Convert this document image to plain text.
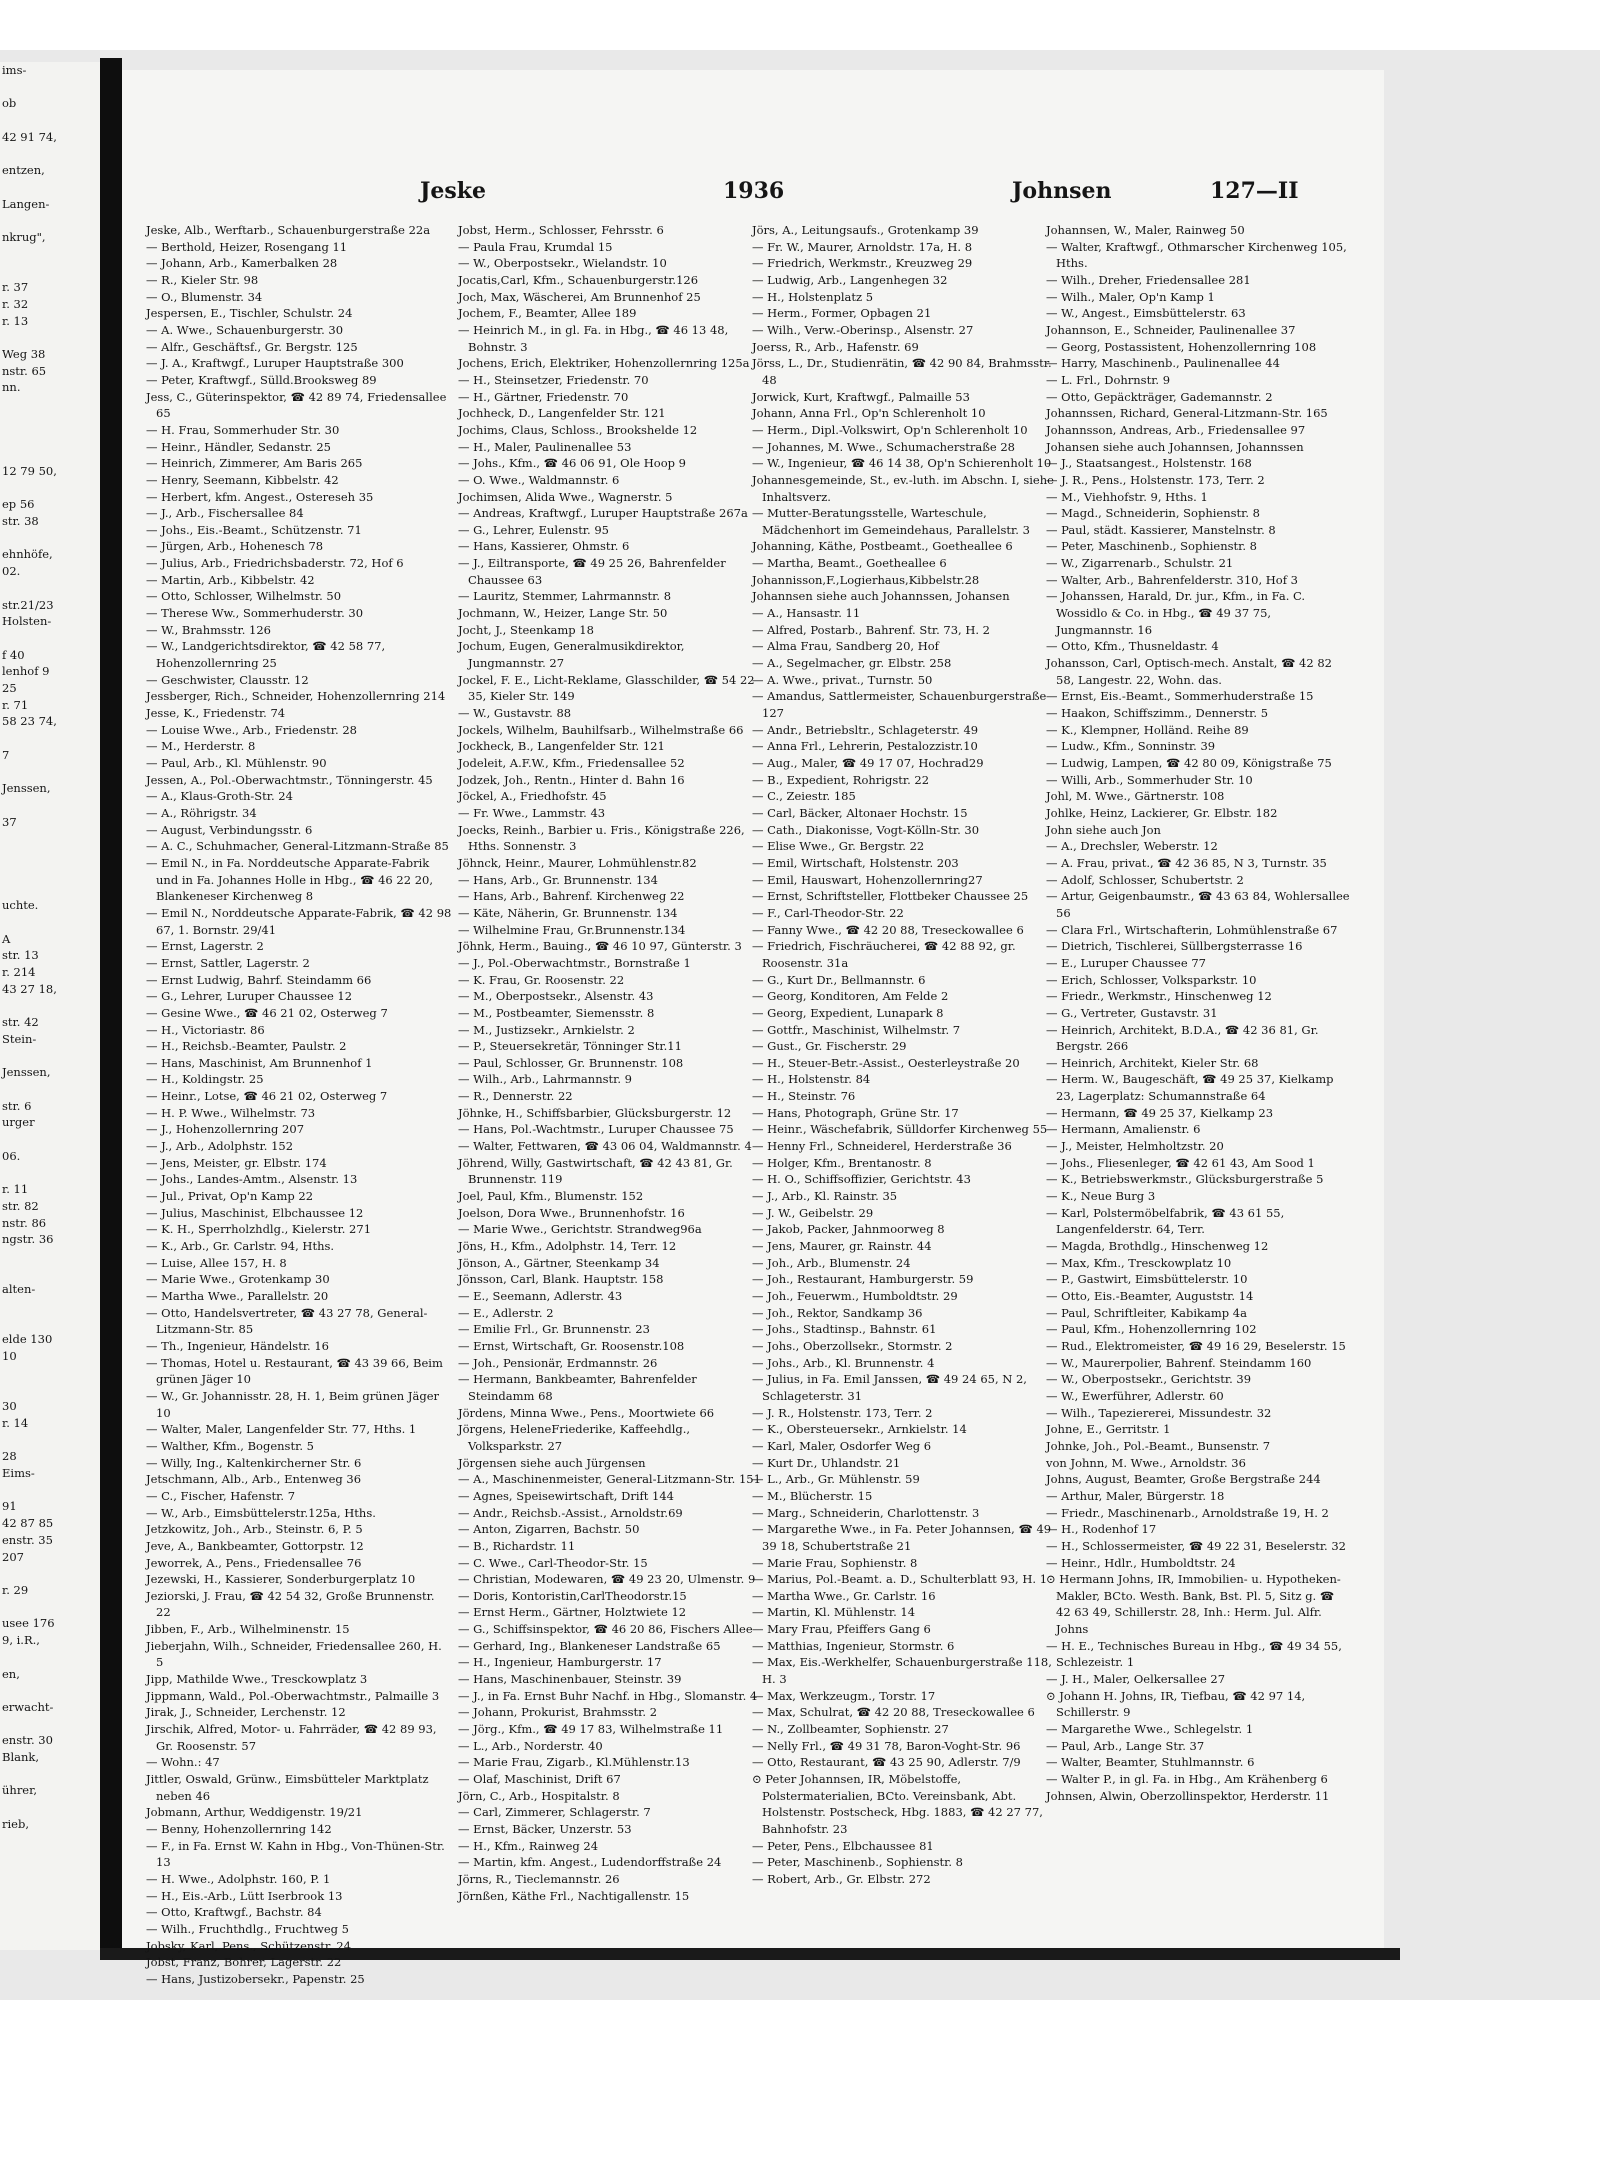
ims-

ob

42 91 74,

entzen,

Langen-

nkrug",

r. 37
r. 32
r. 13

Weg 38
nstr. 65
nn.

12 79 50,

ep 56
str. 38

ehnhöfe,
02.

str.21/23
Holsten-

f 40
lenhof 9
25
r. 71
58 23 74,

7

Jenssen,

37

uchte.

A
str. 13
r. 214
43 27 18,

str. 42
Stein-

Jenssen,

str. 6
urger

06.

r. 11
str. 82
nstr. 86
ngstr. 36

alten-

elde 130
10

30
r. 14

28
Eims-

91
42 87 85
enstr. 35
207

r. 29

usee 176
9, i.R.,

en,

erwacht-

enstr. 30
Blank,

ührer,

rieb,
Jeske	1936	Johnsen	127—II
Jeske, Alb., Werftarb., Schauenburgerstraße 22a
— Berthold, Heizer, Rosengang 11
— Johann, Arb., Kamerbalken 28
— R., Kieler Str. 98
— O., Blumenstr. 34
Jespersen, E., Tischler, Schulstr. 24
— A. Wwe., Schauenburgerstr. 30
— Alfr., Geschäftsf., Gr. Bergstr. 125
— J. A., Kraftwgf., Luruper Hauptstraße 300
— Peter, Kraftwgf., Sülld.Brooksweg 89
Jess, C., Güterinspektor, ☎ 42 89 74, Friedensallee 65
— H. Frau, Sommerhuder Str. 30
— Heinr., Händler, Sedanstr. 25
— Heinrich, Zimmerer, Am Baris 265
— Henry, Seemann, Kibbelstr. 42
— Herbert, kfm. Angest., Ostereseh 35
— J., Arb., Fischersallee 84
— Johs., Eis.-Beamt., Schützenstr. 71
— Jürgen, Arb., Hohenesch 78
— Julius, Arb., Friedrichsbaderstr. 72, Hof 6
— Martin, Arb., Kibbelstr. 42
— Otto, Schlosser, Wilhelmstr. 50
— Therese Ww., Sommerhuderstr. 30
— W., Brahmsstr. 126
— W., Landgerichtsdirektor, ☎ 42 58 77, Hohenzollernring 25
— Geschwister, Clausstr. 12
Jessberger, Rich., Schneider, Hohenzollernring 214
Jesse, K., Friedenstr. 74
— Louise Wwe., Arb., Friedenstr. 28
— M., Herderstr. 8
— Paul, Arb., Kl. Mühlenstr. 90
Jessen, A., Pol.-Oberwachtmstr., Tönningerstr. 45
— A., Klaus-Groth-Str. 24
— A., Röhrigstr. 34
— August, Verbindungsstr. 6
— A. C., Schuhmacher, General-Litzmann-Straße 85
— Emil N., in Fa. Norddeutsche Apparate-Fabrik und in Fa. Johannes Holle in Hbg., ☎ 46 22 20, Blankeneser Kirchenweg 8
— Emil N., Norddeutsche Apparate-Fabrik, ☎ 42 98 67, 1. Bornstr. 29/41
— Ernst, Lagerstr. 2
— Ernst, Sattler, Lagerstr. 2
— Ernst Ludwig, Bahrf. Steindamm 66
— G., Lehrer, Luruper Chaussee 12
— Gesine Wwe., ☎ 46 21 02, Osterweg 7
— H., Victoriastr. 86
— H., Reichsb.-Beamter, Paulstr. 2
— Hans, Maschinist, Am Brunnenhof 1
— H., Koldingstr. 25
— Heinr., Lotse, ☎ 46 21 02, Osterweg 7
— H. P. Wwe., Wilhelmstr. 73
— J., Hohenzollernring 207
— J., Arb., Adolphstr. 152
— Jens, Meister, gr. Elbstr. 174
— Johs., Landes-Amtm., Alsenstr. 13
— Jul., Privat, Op'n Kamp 22
— Julius, Maschinist, Elbchaussee 12
— K. H., Sperrholzhdlg., Kielerstr. 271
— K., Arb., Gr. Carlstr. 94, Hths.
— Luise, Allee 157, H. 8
— Marie Wwe., Grotenkamp 30
— Martha Wwe., Parallelstr. 20
— Otto, Handelsvertreter, ☎ 43 27 78, General-Litzmann-Str. 85
— Th., Ingenieur, Händelstr. 16
— Thomas, Hotel u. Restaurant, ☎ 43 39 66, Beim grünen Jäger 10
— W., Gr. Johannisstr. 28, H. 1, Beim grünen Jäger 10
— Walter, Maler, Langenfelder Str. 77, Hths. 1
— Walther, Kfm., Bogenstr. 5
— Willy, Ing., Kaltenkircherner Str. 6
Jetschmann, Alb., Arb., Entenweg 36
— C., Fischer, Hafenstr. 7
— W., Arb., Eimsbüttelerstr.125a, Hths.
Jetzkowitz, Joh., Arb., Steinstr. 6, P. 5
Jeve, A., Bankbeamter, Gottorpstr. 12
Jeworrek, A., Pens., Friedensallee 76
Jezewski, H., Kassierer, Sonderburgerplatz 10
Jeziorski, J. Frau, ☎ 42 54 32, Große Brunnenstr. 22
Jibben, F., Arb., Wilhelminenstr. 15
Jieberjahn, Wilh., Schneider, Friedensallee 260, H. 5
Jipp, Mathilde Wwe., Tresckowplatz 3
Jippmann, Wald., Pol.-Oberwachtmstr., Palmaille 3
Jirak, J., Schneider, Lerchenstr. 12
Jirschik, Alfred, Motor- u. Fahrräder, ☎ 42 89 93, Gr. Roosenstr. 57
— Wohn.: 47
Jittler, Oswald, Grünw., Eimsbütteler Marktplatz neben 46
Jobmann, Arthur, Weddigenstr. 19/21
— Benny, Hohenzollernring 142
— F., in Fa. Ernst W. Kahn in Hbg., Von-Thünen-Str. 13
— H. Wwe., Adolphstr. 160, P. 1
— H., Eis.-Arb., Lütt Iserbrook 13
— Otto, Kraftwgf., Bachstr. 84
— Wilh., Fruchthdlg., Fruchtweg 5
Jobsky, Karl, Pens., Schützenstr. 24
Jobst, Franz, Bohrer, Lagerstr. 22
— Hans, Justizobersekr., Papenstr. 25
Jobst, Herm., Schlosser, Fehrsstr. 6
— Paula Frau, Krumdal 15
— W., Oberpostsekr., Wielandstr. 10
Jocatis,Carl, Kfm., Schauenburgerstr.126
Joch, Max, Wäscherei, Am Brunnenhof 25
Jochem, F., Beamter, Allee 189
— Heinrich M., in gl. Fa. in Hbg., ☎ 46 13 48, Bohnstr. 3
Jochens, Erich, Elektriker, Hohenzollernring 125a
— H., Steinsetzer, Friedenstr. 70
— H., Gärtner, Friedenstr. 70
Jochheck, D., Langenfelder Str. 121
Jochims, Claus, Schloss., Brookshelde 12
— H., Maler, Paulinenallee 53
— Johs., Kfm., ☎ 46 06 91, Ole Hoop 9
— O. Wwe., Waldmannstr. 6
Jochimsen, Alida Wwe., Wagnerstr. 5
— Andreas, Kraftwgf., Luruper Hauptstraße 267a
— G., Lehrer, Eulenstr. 95
— Hans, Kassierer, Ohmstr. 6
— J., Eiltransporte, ☎ 49 25 26, Bahrenfelder Chaussee 63
— Lauritz, Stemmer, Lahrmannstr. 8
Jochmann, W., Heizer, Lange Str. 50
Jocht, J., Steenkamp 18
Jochum, Eugen, Generalmusikdirektor, Jungmannstr. 27
Jockel, F. E., Licht-Reklame, Glasschilder, ☎ 54 22 35, Kieler Str. 149
— W., Gustavstr. 88
Jockels, Wilhelm, Bauhilfsarb., Wilhelmstraße 66
Jockheck, B., Langenfelder Str. 121
Jodeleit, A.F.W., Kfm., Friedensallee 52
Jodzek, Joh., Rentn., Hinter d. Bahn 16
Jöckel, A., Friedhofstr. 45
— Fr. Wwe., Lammstr. 43
Joecks, Reinh., Barbier u. Fris., Königstraße 226, Hths. Sonnenstr. 3
Jöhnck, Heinr., Maurer, Lohmühlenstr.82
— Hans, Arb., Gr. Brunnenstr. 134
— Hans, Arb., Bahrenf. Kirchenweg 22
— Käte, Näherin, Gr. Brunnenstr. 134
— Wilhelmine Frau, Gr.Brunnenstr.134
Jöhnk, Herm., Bauing., ☎ 46 10 97, Günterstr. 3
— J., Pol.-Oberwachtmstr., Bornstraße 1
— K. Frau, Gr. Roosenstr. 22
— M., Oberpostsekr., Alsenstr. 43
— M., Postbeamter, Siemensstr. 8
— M., Justizsekr., Arnkielstr. 2
— P., Steuersekretär, Tönninger Str.11
— Paul, Schlosser, Gr. Brunnenstr. 108
— Wilh., Arb., Lahrmannstr. 9
— R., Dennerstr. 22
Jöhnke, H., Schiffsbarbier, Glücksburgerstr. 12
— Hans, Pol.-Wachtmstr., Luruper Chaussee 75
— Walter, Fettwaren, ☎ 43 06 04, Waldmannstr. 4
Jöhrend, Willy, Gastwirtschaft, ☎ 42 43 81, Gr. Brunnenstr. 119
Joel, Paul, Kfm., Blumenstr. 152
Joelson, Dora Wwe., Brunnenhofstr. 16
— Marie Wwe., Gerichtstr. Strandweg96a
Jöns, H., Kfm., Adolphstr. 14, Terr. 12
Jönson, A., Gärtner, Steenkamp 34
Jönsson, Carl, Blank. Hauptstr. 158
— E., Seemann, Adlerstr. 43
— E., Adlerstr. 2
— Emilie Frl., Gr. Brunnenstr. 23
— Ernst, Wirtschaft, Gr. Roosenstr.108
— Joh., Pensionär, Erdmannstr. 26
— Hermann, Bankbeamter, Bahrenfelder Steindamm 68
Jördens, Minna Wwe., Pens., Moortwiete 66
Jörgens, HeleneFriederike, Kaffeehdlg., Volksparkstr. 27
Jörgensen siehe auch Jürgensen
— A., Maschinenmeister, General-Litzmann-Str. 151
— Agnes, Speisewirtschaft, Drift 144
— Andr., Reichsb.-Assist., Arnoldstr.69
— Anton, Zigarren, Bachstr. 50
— B., Richardstr. 11
— C. Wwe., Carl-Theodor-Str. 15
— Christian, Modewaren, ☎ 49 23 20, Ulmenstr. 9
— Doris, Kontoristin,CarlTheodorstr.15
— Ernst Herm., Gärtner, Holztwiete 12
— G., Schiffsinspektor, ☎ 46 20 86, Fischers Allee
— Gerhard, Ing., Blankeneser Landstraße 65
— H., Ingenieur, Hamburgerstr. 17
— Hans, Maschinenbauer, Steinstr. 39
— J., in Fa. Ernst Buhr Nachf. in Hbg., Slomanstr. 4
— Johann, Prokurist, Brahmsstr. 2
— Jörg., Kfm., ☎ 49 17 83, Wilhelmstraße 11
— L., Arb., Norderstr. 40
— Marie Frau, Zigarb., Kl.Mühlenstr.13
— Olaf, Maschinist, Drift 67
Jörn, C., Arb., Hospitalstr. 8
— Carl, Zimmerer, Schlagerstr. 7
— Ernst, Bäcker, Unzerstr. 53
— H., Kfm., Rainweg 24
— Martin, kfm. Angest., Ludendorffstraße 24
Jörns, R., Tieclemannstr. 26
Jörnßen, Käthe Frl., Nachtigallenstr. 15
Jörs, A., Leitungsaufs., Grotenkamp 39
— Fr. W., Maurer, Arnoldstr. 17a, H. 8
— Friedrich, Werkmstr., Kreuzweg 29
— Ludwig, Arb., Langenhegen 32
— H., Holstenplatz 5
— Herm., Former, Opbagen 21
— Wilh., Verw.-Oberinsp., Alsenstr. 27
Joerss, R., Arb., Hafenstr. 69
Jörss, L., Dr., Studienrätin, ☎ 42 90 84, Brahmsstr. 48
Jorwick, Kurt, Kraftwgf., Palmaille 53
Johann, Anna Frl., Op'n Schlerenholt 10
— Herm., Dipl.-Volkswirt, Op'n Schlerenholt 10
— Johannes, M. Wwe., Schumacherstraße 28
— W., Ingenieur, ☎ 46 14 38, Op'n Schierenholt 10
Johannesgemeinde, St., ev.-luth. im Abschn. I, siehe Inhaltsverz.
— Mutter-Beratungsstelle, Warteschule, Mädchenhort im Gemeindehaus, Parallelstr. 3
Johanning, Käthe, Postbeamt., Goetheallee 6
— Martha, Beamt., Goetheallee 6
Johannisson,F.,Logierhaus,Kibbelstr.28
Johannsen siehe auch Johannssen, Johansen
— A., Hansastr. 11
— Alfred, Postarb., Bahrenf. Str. 73, H. 2
— Alma Frau, Sandberg 20, Hof
— A., Segelmacher, gr. Elbstr. 258
— A. Wwe., privat., Turnstr. 50
— Amandus, Sattlermeister, Schauenburgerstraße 127
— Andr., Betriebsltr., Schlageterstr. 49
— Anna Frl., Lehrerin, Pestalozzistr.10
— Aug., Maler, ☎ 49 17 07, Hochrad29
— B., Expedient, Rohrigstr. 22
— C., Zeiestr. 185
— Carl, Bäcker, Altonaer Hochstr. 15
— Cath., Diakonisse, Vogt-Kölln-Str. 30
— Elise Wwe., Gr. Bergstr. 22
— Emil, Wirtschaft, Holstenstr. 203
— Emil, Hauswart, Hohenzollernring27
— Ernst, Schriftsteller, Flottbeker Chaussee 25
— F., Carl-Theodor-Str. 22
— Fanny Wwe., ☎ 42 20 88, Treseckowallee 6
— Friedrich, Fischräucherei, ☎ 42 88 92, gr. Roosenstr. 31a
— G., Kurt Dr., Bellmannstr. 6
— Georg, Konditoren, Am Felde 2
— Georg, Expedient, Lunapark 8
— Gottfr., Maschinist, Wilhelmstr. 7
— Gust., Gr. Fischerstr. 29
— H., Steuer-Betr.-Assist., Oesterleystraße 20
— H., Holstenstr. 84
— H., Steinstr. 76
— Hans, Photograph, Grüne Str. 17
— Heinr., Wäschefabrik, Sülldorfer Kirchenweg 55
— Henny Frl., Schneiderel, Herderstraße 36
— Holger, Kfm., Brentanostr. 8
— H. O., Schiffsoffizier, Gerichtstr. 43
— J., Arb., Kl. Rainstr. 35
— J. W., Geibelstr. 29
— Jakob, Packer, Jahnmoorweg 8
— Jens, Maurer, gr. Rainstr. 44
— Joh., Arb., Blumenstr. 24
— Joh., Restaurant, Hamburgerstr. 59
— Joh., Feuerwm., Humboldtstr. 29
— Joh., Rektor, Sandkamp 36
— Johs., Stadtinsp., Bahnstr. 61
— Johs., Oberzollsekr., Stormstr. 2
— Johs., Arb., Kl. Brunnenstr. 4
— Julius, in Fa. Emil Janssen, ☎ 49 24 65, N 2, Schlageterstr. 31
— J. R., Holstenstr. 173, Terr. 2
— K., Obersteuersekr., Arnkielstr. 14
— Karl, Maler, Osdorfer Weg 6
— Kurt Dr., Uhlandstr. 21
— L., Arb., Gr. Mühlenstr. 59
— M., Blücherstr. 15
— Marg., Schneiderin, Charlottenstr. 3
— Margarethe Wwe., in Fa. Peter Johannsen, ☎ 49 39 18, Schubertstraße 21
— Marie Frau, Sophienstr. 8
— Marius, Pol.-Beamt. a. D., Schulterblatt 93, H. 1
— Martha Wwe., Gr. Carlstr. 16
— Martin, Kl. Mühlenstr. 14
— Mary Frau, Pfeiffers Gang 6
— Matthias, Ingenieur, Stormstr. 6
— Max, Eis.-Werkhelfer, Schauenburgerstraße 118, H. 3
— Max, Werkzeugm., Torstr. 17
— Max, Schulrat, ☎ 42 20 88, Treseckowallee 6
— N., Zollbeamter, Sophienstr. 27
— Nelly Frl., ☎ 49 31 78, Baron-Voght-Str. 96
— Otto, Restaurant, ☎ 43 25 90, Adlerstr. 7/9
⊙ Peter Johannsen, IR, Möbelstoffe, Polstermaterialien, BCto. Vereinsbank, Abt. Holstenstr. Postscheck, Hbg. 1883, ☎ 42 27 77, Bahnhofstr. 23
— Peter, Pens., Elbchaussee 81
— Peter, Maschinenb., Sophienstr. 8
— Robert, Arb., Gr. Elbstr. 272
Johannsen, W., Maler, Rainweg 50
— Walter, Kraftwgf., Othmarscher Kirchenweg 105, Hths.
— Wilh., Dreher, Friedensallee 281
— Wilh., Maler, Op'n Kamp 1
— W., Angest., Eimsbüttelerstr. 63
Johannson, E., Schneider, Paulinenallee 37
— Georg, Postassistent, Hohenzollernring 108
— Harry, Maschinenb., Paulinenallee 44
— L. Frl., Dohrnstr. 9
— Otto, Gepäckträger, Gademannstr. 2
Johannssen, Richard, General-Litzmann-Str. 165
Johannsson, Andreas, Arb., Friedensallee 97
Johansen siehe auch Johannsen, Johannssen
— J., Staatsangest., Holstenstr. 168
— J. R., Pens., Holstenstr. 173, Terr. 2
— M., Viehhofstr. 9, Hths. 1
— Magd., Schneiderin, Sophienstr. 8
— Paul, städt. Kassierer, Manstelnstr. 8
— Peter, Maschinenb., Sophienstr. 8
— W., Zigarrenarb., Schulstr. 21
— Walter, Arb., Bahrenfelderstr. 310, Hof 3
— Johanssen, Harald, Dr. jur., Kfm., in Fa. C. Wossidlo & Co. in Hbg., ☎ 49 37 75, Jungmannstr. 16
— Otto, Kfm., Thusneldastr. 4
Johansson, Carl, Optisch-mech. Anstalt, ☎ 42 82 58, Langestr. 22, Wohn. das.
— Ernst, Eis.-Beamt., Sommerhuderstraße 15
— Haakon, Schiffszimm., Dennerstr. 5
— K., Klempner, Holländ. Reihe 89
— Ludw., Kfm., Sonninstr. 39
— Ludwig, Lampen, ☎ 42 80 09, Königstraße 75
— Willi, Arb., Sommerhuder Str. 10
Johl, M. Wwe., Gärtnerstr. 108
Johlke, Heinz, Lackierer, Gr. Elbstr. 182
John siehe auch Jon
— A., Drechsler, Weberstr. 12
— A. Frau, privat., ☎ 42 36 85, N 3, Turnstr. 35
— Adolf, Schlosser, Schubertstr. 2
— Artur, Geigenbaumstr., ☎ 43 63 84, Wohlersallee 56
— Clara Frl., Wirtschafterin, Lohmühlenstraße 67
— Dietrich, Tischlerei, Süllbergsterrasse 16
— E., Luruper Chaussee 77
— Erich, Schlosser, Volksparkstr. 10
— Friedr., Werkmstr., Hinschenweg 12
— G., Vertreter, Gustavstr. 31
— Heinrich, Architekt, B.D.A., ☎ 42 36 81, Gr. Bergstr. 266
— Heinrich, Architekt, Kieler Str. 68
— Herm. W., Baugeschäft, ☎ 49 25 37, Kielkamp 23, Lagerplatz: Schumannstraße 64
— Hermann, ☎ 49 25 37, Kielkamp 23
— Hermann, Amalienstr. 6
— J., Meister, Helmholtzstr. 20
— Johs., Fliesenleger, ☎ 42 61 43, Am Sood 1
— K., Betriebswerkmstr., Glücksburgerstraße 5
— K., Neue Burg 3
— Karl, Polstermöbelfabrik, ☎ 43 61 55, Langenfelderstr. 64, Terr.
— Magda, Brothdlg., Hinschenweg 12
— Max, Kfm., Tresckowplatz 10
— P., Gastwirt, Eimsbüttelerstr. 10
— Otto, Eis.-Beamter, Auguststr. 14
— Paul, Schriftleiter, Kabikamp 4a
— Paul, Kfm., Hohenzollernring 102
— Rud., Elektromeister, ☎ 49 16 29, Beselerstr. 15
— W., Maurerpolier, Bahrenf. Steindamm 160
— W., Oberpostsekr., Gerichtstr. 39
— W., Ewerführer, Adlerstr. 60
— Wilh., Tapeziererei, Missundestr. 32
Johne, E., Gerritstr. 1
Johnke, Joh., Pol.-Beamt., Bunsenstr. 7
von Johnn, M. Wwe., Arnoldstr. 36
Johns, August, Beamter, Große Bergstraße 244
— Arthur, Maler, Bürgerstr. 18
— Friedr., Maschinenarb., Arnoldstraße 19, H. 2
— H., Rodenhof 17
— H., Schlossermeister, ☎ 49 22 31, Beselerstr. 32
— Heinr., Hdlr., Humboldtstr. 24
⊙ Hermann Johns, IR, Immobilien- u. Hypotheken-Makler, BCto. Westh. Bank, Bst. Pl. 5, Sitz g. ☎ 42 63 49, Schillerstr. 28, Inh.: Herm. Jul. Alfr. Johns
— H. E., Technisches Bureau in Hbg., ☎ 49 34 55, Schlezeistr. 1
— J. H., Maler, Oelkersallee 27
⊙ Johann H. Johns, IR, Tiefbau, ☎ 42 97 14, Schillerstr. 9
— Margarethe Wwe., Schlegelstr. 1
— Paul, Arb., Lange Str. 37
— Walter, Beamter, Stuhlmannstr. 6
— Walter P., in gl. Fa. in Hbg., Am Krähenberg 6
Johnsen, Alwin, Oberzollinspektor, Herderstr. 11
